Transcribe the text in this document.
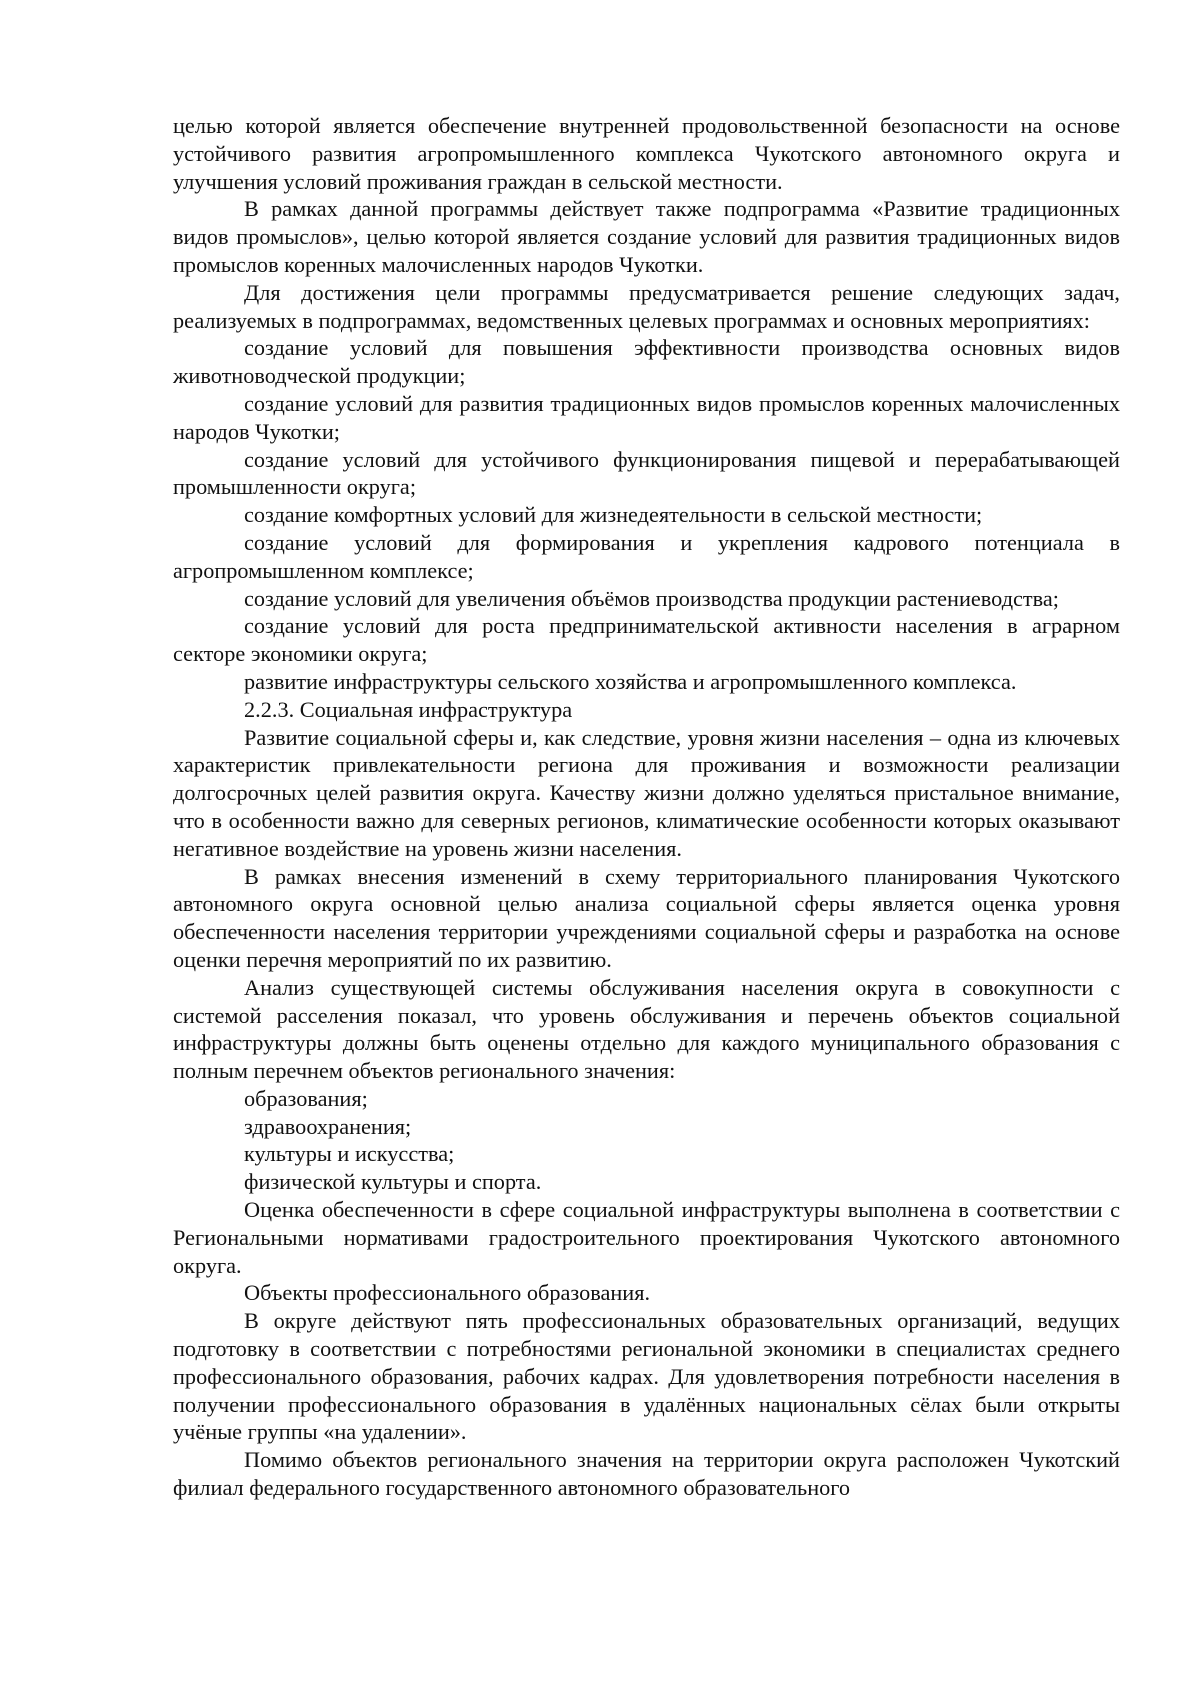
целью которой является обеспечение внутренней продовольственной безопасности на основе устойчивого развития агропромышленного комплекса Чукотского автономного округа и улучшения условий проживания граждан в сельской местности.

В рамках данной программы действует также подпрограмма «Развитие традиционных видов промыслов», целью которой является создание условий для развития традиционных видов промыслов коренных малочисленных народов Чукотки.

Для достижения цели программы предусматривается решение следующих задач, реализуемых в подпрограммах, ведомственных целевых программах и основных мероприятиях:

создание условий для повышения эффективности производства основных видов животноводческой продукции;

создание условий для развития традиционных видов промыслов коренных малочисленных народов Чукотки;

создание условий для устойчивого функционирования пищевой и перерабатывающей промышленности округа;

создание комфортных условий для жизнедеятельности в сельской местности;

создание условий для формирования и укрепления кадрового потенциала в агропромышленном комплексе;

создание условий для увеличения объёмов производства продукции растениеводства;

создание условий для роста предпринимательской активности населения в аграрном секторе экономики округа;

развитие инфраструктуры сельского хозяйства и агропромышленного комплекса.

2.2.3. Социальная инфраструктура

Развитие социальной сферы и, как следствие, уровня жизни населения – одна из ключевых характеристик привлекательности региона для проживания и возможности реализации долгосрочных целей развития округа. Качеству жизни должно уделяться пристальное внимание, что в особенности важно для северных регионов, климатические особенности которых оказывают негативное воздействие на уровень жизни населения.

В рамках внесения изменений в схему территориального планирования Чукотского автономного округа основной целью анализа социальной сферы является оценка уровня обеспеченности населения территории учреждениями социальной сферы и разработка на основе оценки перечня мероприятий по их развитию.

Анализ существующей системы обслуживания населения округа в совокупности с системой расселения показал, что уровень обслуживания и перечень объектов социальной инфраструктуры должны быть оценены отдельно для каждого муниципального образования с полным перечнем объектов регионального значения:

образования;

здравоохранения;

культуры и искусства;

физической культуры и спорта.

Оценка обеспеченности в сфере социальной инфраструктуры выполнена в соответствии с Региональными нормативами градостроительного проектирования Чукотского автономного округа.

Объекты профессионального образования.

В округе действуют пять профессиональных образовательных организаций, ведущих подготовку в соответствии с потребностями региональной экономики в специалистах среднего профессионального образования, рабочих кадрах. Для удовлетворения потребности населения в получении профессионального образования в удалённых национальных сёлах были открыты учёные группы «на удалении».

Помимо объектов регионального значения на территории округа расположен Чукотский филиал федерального государственного автономного образовательного
